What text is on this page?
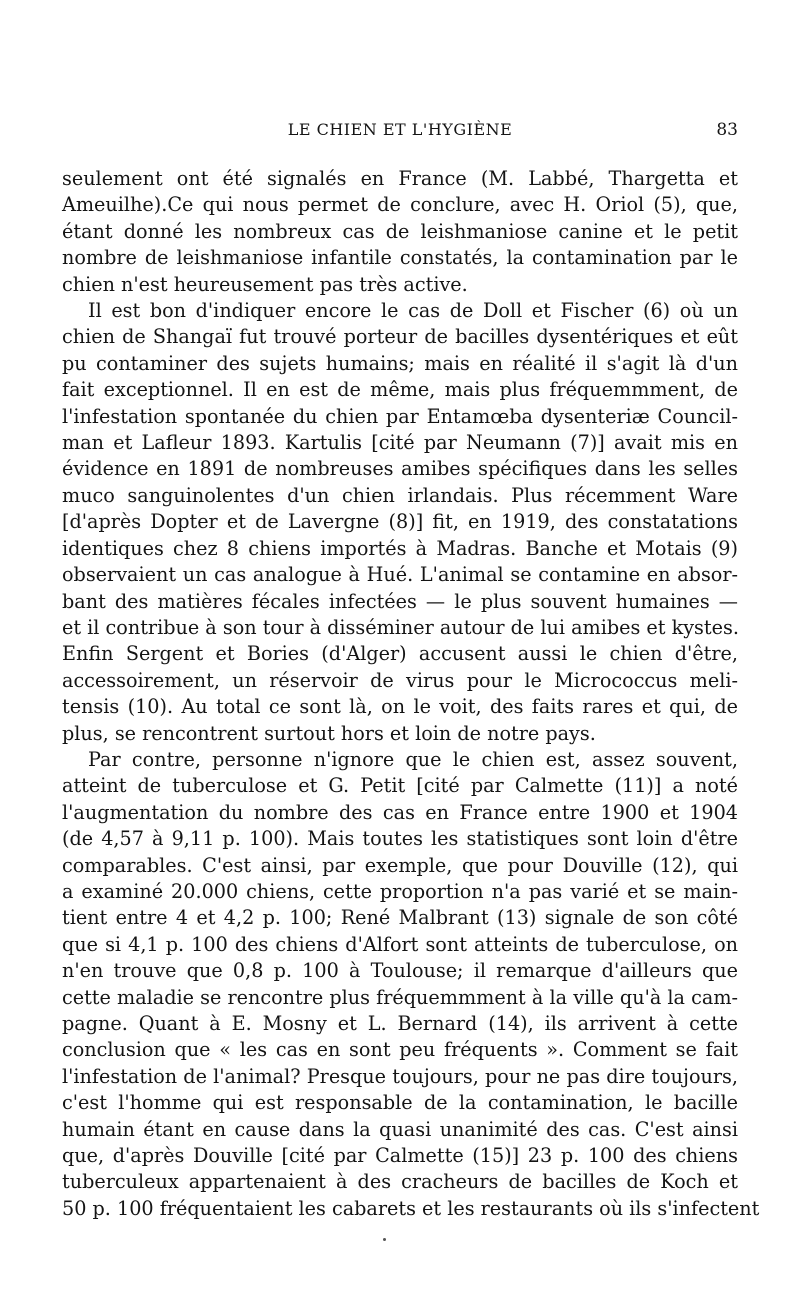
LE CHIEN ET L'HYGIÈNE	83
seulement ont été signalés en France (M. Labbé, Thargetta et
Ameuilhe).Ce qui nous permet de conclure, avec H. Oriol (5), que,
étant donné les nombreux cas de leishmaniose canine et le petit
nombre de leishmaniose infantile constatés, la contamination par le
chien n'est heureusement pas très active.
Il est bon d'indiquer encore le cas de Doll et Fischer (6) où un
chien de Shangaï fut trouvé porteur de bacilles dysentériques et eût
pu contaminer des sujets humains; mais en réalité il s'agit là d'un
fait exceptionnel. Il en est de même, mais plus fréquemmment, de
l'infestation spontanée du chien par Entamœba dysenteriæ Council-
man et Lafleur 1893. Kartulis [cité par Neumann (7)] avait mis en
évidence en 1891 de nombreuses amibes spécifiques dans les selles
muco sanguinolentes d'un chien irlandais. Plus récemment Ware
[d'après Dopter et de Lavergne (8)] fit, en 1919, des constatations
identiques chez 8 chiens importés à Madras. Banche et Motais (9)
observaient un cas analogue à Hué. L'animal se contamine en absor-
bant des matières fécales infectées — le plus souvent humaines —
et il contribue à son tour à disséminer autour de lui amibes et kystes.
Enfin Sergent et Bories (d'Alger) accusent aussi le chien d'être,
accessoirement, un réservoir de virus pour le Micrococcus meli-
tensis (10). Au total ce sont là, on le voit, des faits rares et qui, de
plus, se rencontrent surtout hors et loin de notre pays.
Par contre, personne n'ignore que le chien est, assez souvent,
atteint de tuberculose et G. Petit [cité par Calmette (11)] a noté
l'augmentation du nombre des cas en France entre 1900 et 1904
(de 4,57 à 9,11 p. 100). Mais toutes les statistiques sont loin d'être
comparables. C'est ainsi, par exemple, que pour Douville (12), qui
a examiné 20.000 chiens, cette proportion n'a pas varié et se main-
tient entre 4 et 4,2 p. 100; René Malbrant (13) signale de son côté
que si 4,1 p. 100 des chiens d'Alfort sont atteints de tuberculose, on
n'en trouve que 0,8 p. 100 à Toulouse; il remarque d'ailleurs que
cette maladie se rencontre plus fréquemmment à la ville qu'à la cam-
pagne. Quant à E. Mosny et L. Bernard (14), ils arrivent à cette
conclusion que « les cas en sont peu fréquents ». Comment se fait
l'infestation de l'animal? Presque toujours, pour ne pas dire toujours,
c'est l'homme qui est responsable de la contamination, le bacille
humain étant en cause dans la quasi unanimité des cas. C'est ainsi
que, d'après Douville [cité par Calmette (15)] 23 p. 100 des chiens
tuberculeux appartenaient à des cracheurs de bacilles de Koch et
50 p. 100 fréquentaient les cabarets et les restaurants où ils s'infectent
